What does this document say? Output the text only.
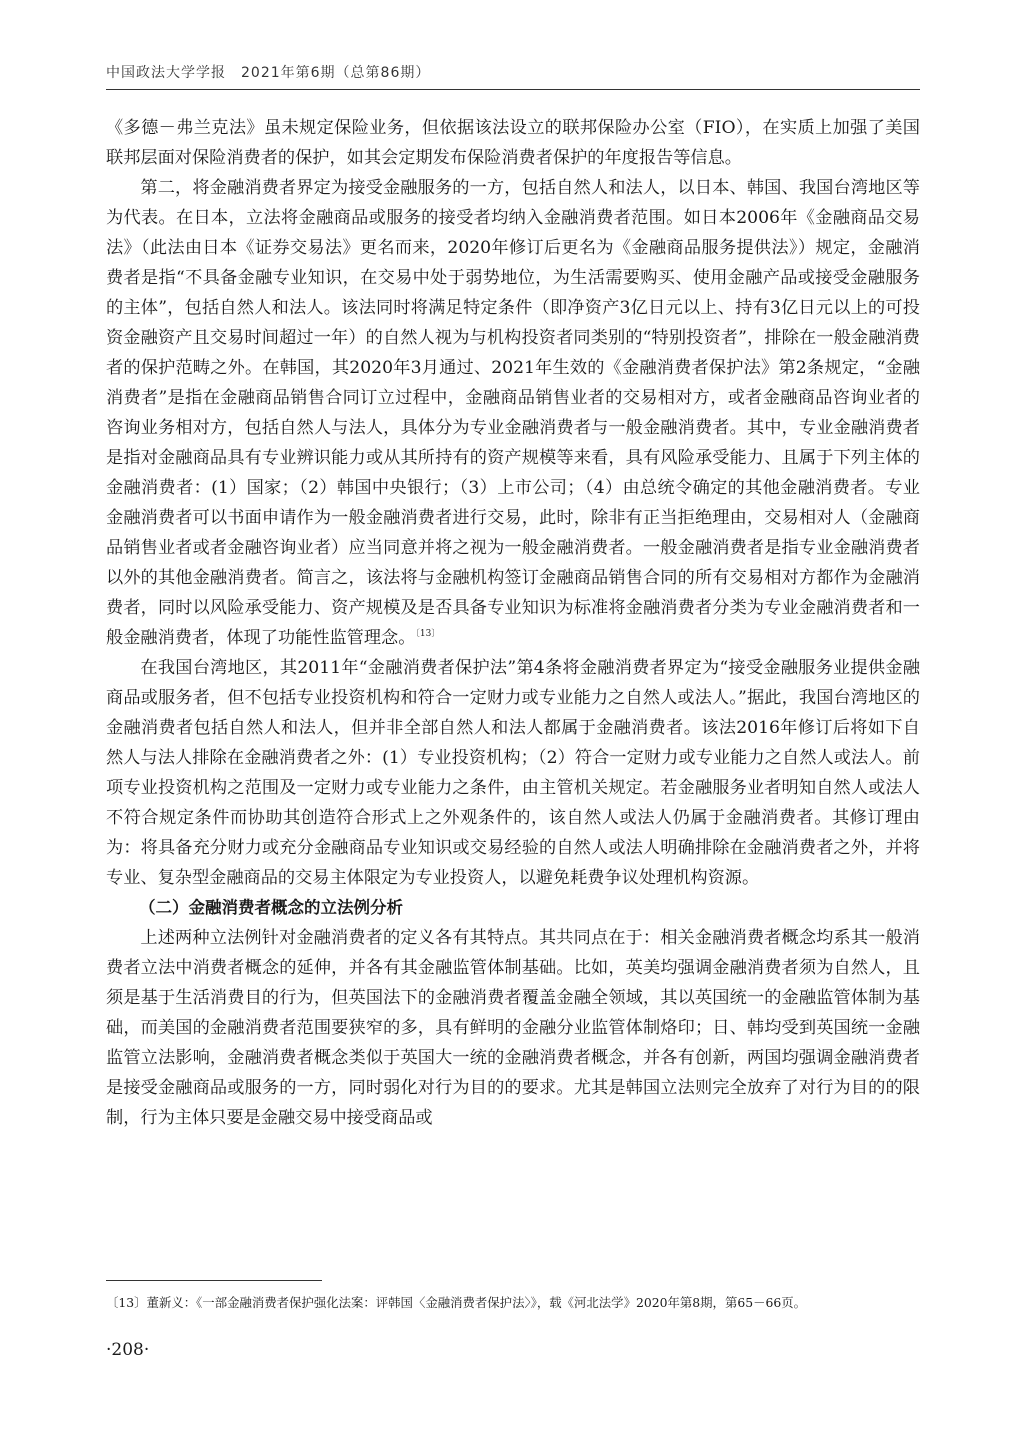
中国政法大学学报　2021年第6期（总第86期）

《多德－弗兰克法》虽未规定保险业务，但依据该法设立的联邦保险办公室（FIO），在实质上加强了美国联邦层面对保险消费者的保护，如其会定期发布保险消费者保护的年度报告等信息。

第二，将金融消费者界定为接受金融服务的一方，包括自然人和法人，以日本、韩国、我国台湾地区等为代表。在日本，立法将金融商品或服务的接受者均纳入金融消费者范围。如日本2006年《金融商品交易法》（此法由日本《证券交易法》更名而来，2020年修订后更名为《金融商品服务提供法》）规定，金融消费者是指“不具备金融专业知识，在交易中处于弱势地位，为生活需要购买、使用金融产品或接受金融服务的主体”，包括自然人和法人。该法同时将满足特定条件（即净资产3亿日元以上、持有3亿日元以上的可投资金融资产且交易时间超过一年）的自然人视为与机构投资者同类别的“特别投资者”，排除在一般金融消费者的保护范畴之外。在韩国，其2020年3月通过、2021年生效的《金融消费者保护法》第2条规定，“金融消费者”是指在金融商品销售合同订立过程中，金融商品销售业者的交易相对方，或者金融商品咨询业者的咨询业务相对方，包括自然人与法人，具体分为专业金融消费者与一般金融消费者。其中，专业金融消费者是指对金融商品具有专业辨识能力或从其所持有的资产规模等来看，具有风险承受能力、且属于下列主体的金融消费者：(1）国家；（2）韩国中央银行；（3）上市公司；（4）由总统令确定的其他金融消费者。专业金融消费者可以书面申请作为一般金融消费者进行交易，此时，除非有正当拒绝理由，交易相对人（金融商品销售业者或者金融咨询业者）应当同意并将之视为一般金融消费者。一般金融消费者是指专业金融消费者以外的其他金融消费者。简言之，该法将与金融机构签订金融商品销售合同的所有交易相对方都作为金融消费者，同时以风险承受能力、资产规模及是否具备专业知识为标准将金融消费者分类为专业金融消费者和一般金融消费者，体现了功能性监管理念。$^{〔13〕}$

在我国台湾地区，其2011年“金融消费者保护法”第4条将金融消费者界定为“接受金融服务业提供金融商品或服务者，但不包括专业投资机构和符合一定财力或专业能力之自然人或法人。”据此，我国台湾地区的金融消费者包括自然人和法人，但并非全部自然人和法人都属于金融消费者。该法2016年修订后将如下自然人与法人排除在金融消费者之外：(1）专业投资机构；（2）符合一定财力或专业能力之自然人或法人。前项专业投资机构之范围及一定财力或专业能力之条件，由主管机关规定。若金融服务业者明知自然人或法人不符合规定条件而协助其创造符合形式上之外观条件的，该自然人或法人仍属于金融消费者。其修订理由为：将具备充分财力或充分金融商品专业知识或交易经验的自然人或法人明确排除在金融消费者之外，并将专业、复杂型金融商品的交易主体限定为专业投资人，以避免耗费争议处理机构资源。

（二）金融消费者概念的立法例分析

上述两种立法例针对金融消费者的定义各有其特点。其共同点在于：相关金融消费者概念均系其一般消费者立法中消费者概念的延伸，并各有其金融监管体制基础。比如，英美均强调金融消费者须为自然人，且须是基于生活消费目的行为，但英国法下的金融消费者覆盖金融全领域，其以英国统一的金融监管体制为基础，而美国的金融消费者范围要狭窄的多，具有鲜明的金融分业监管体制烙印；日、韩均受到英国统一金融监管立法影响，金融消费者概念类似于英国大一统的金融消费者概念，并各有创新，两国均强调金融消费者是接受金融商品或服务的一方，同时弱化对行为目的的要求。尤其是韩国立法则完全放弃了对行为目的的限制，行为主体只要是金融交易中接受商品或

〔13〕董新义：《一部金融消费者保护强化法案：评韩国〈金融消费者保护法〉》，载《河北法学》2020年第8期，第65－66页。
·208·
